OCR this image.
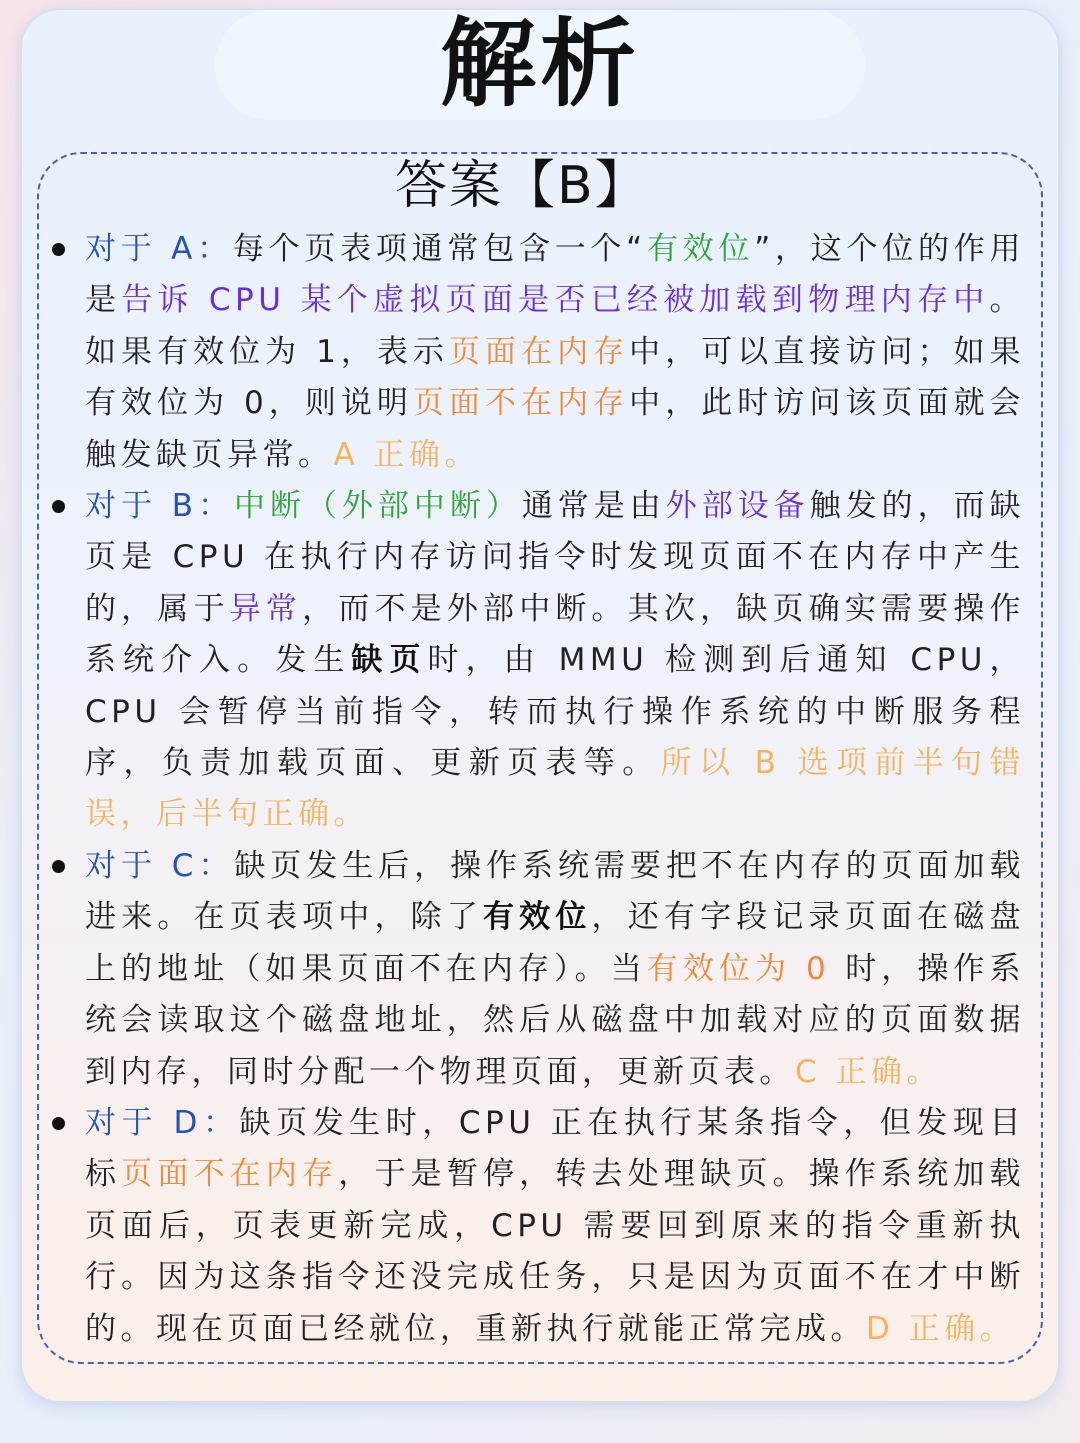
解析
答案【B】

对于 A：每个页表项通常包含一个“有效位”，这个位的作用是告诉 CPU 某个虚拟页面是否已经被加载到物理内存中。如果有效位为 1，表示页面在内存中，可以直接访问；如果有效位为 0，则说明页面不在内存中，此时访问该页面就会触发缺页异常。A 正确。

对于 B：中断（外部中断）通常是由外部设备触发的，而缺页是 CPU 在执行内存访问指令时发现页面不在内存中产生的，属于异常，而不是外部中断。其次，缺页确实需要操作系统介入。发生缺页时，由 MMU 检测到后通知 CPU，CPU 会暂停当前指令，转而执行操作系统的中断服务程序，负责加载页面、更新页表等。所以 B 选项前半句错误，后半句正确。

对于 C：缺页发生后，操作系统需要把不在内存的页面加载进来。在页表项中，除了有效位，还有字段记录页面在磁盘上的地址（如果页面不在内存）。当有效位为 0 时，操作系统会读取这个磁盘地址，然后从磁盘中加载对应的页面数据到内存，同时分配一个物理页面，更新页表。C 正确。

对于 D：缺页发生时，CPU 正在执行某条指令，但发现目标页面不在内存，于是暂停，转去处理缺页。操作系统加载页面后，页表更新完成，CPU 需要回到原来的指令重新执行。因为这条指令还没完成任务，只是因为页面不在才中断的。现在页面已经就位，重新执行就能正常完成。D 正确。
